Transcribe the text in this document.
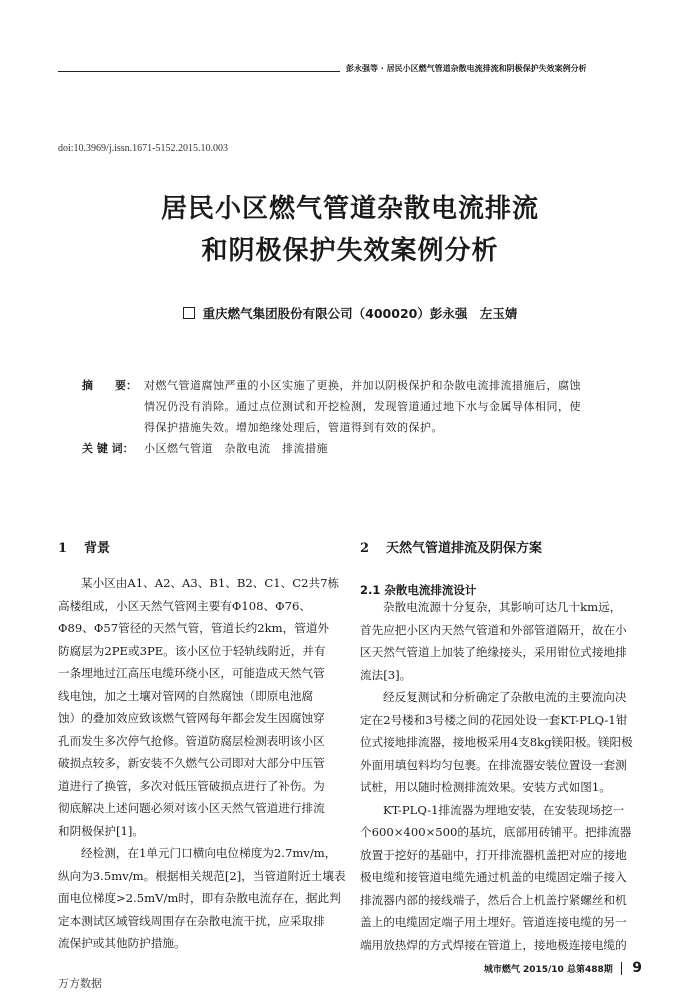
彭永强等 · 居民小区燃气管道杂散电流排流和阴极保护失效案例分析
doi:10.3969/j.issn.1671-5152.2015.10.003
居民小区燃气管道杂散电流排流
和阴极保护失效案例分析
重庆燃气集团股份有限公司（400020）彭永强　左玉婧
摘　　要： 对燃气管道腐蚀严重的小区实施了更换，并加以阴极保护和杂散电流排流措施后，腐蚀
情况仍没有消除。通过点位测试和开挖检测，发现管道通过地下水与金属导体相同，使
得保护措施失效。增加绝缘处理后，管道得到有效的保护。
关 键 词： 小区燃气管道　杂散电流　排流措施
1 背景	2 天然气管道排流及阴保方案
2.1 杂散电流排流设计
某小区由A1、A2、A3、B1、B2、C1、C2共7栋
高楼组成，小区天然气管网主要有Φ108、Φ76、
Φ89、Φ57管径的天然气管，管道长约2km，管道外
防腐层为2PE或3PE。该小区位于轻轨线附近，并有
一条埋地过江高压电缆环绕小区，可能造成天然气管
线电蚀，加之土壤对管网的自然腐蚀（即原电池腐
蚀）的叠加效应致该燃气管网每年都会发生因腐蚀穿
孔而发生多次停气抢修。管道防腐层检测表明该小区
破损点较多，新安装不久燃气公司即对大部分中压管
道进行了换管，多次对低压管破损点进行了补伤。为
彻底解决上述问题必须对该小区天然气管道进行排流
和阴极保护[1]。
经检测，在1单元门口横向电位梯度为2.7mv/m，
纵向为3.5mv/m。根据相关规范[2]，当管道附近土壤表
面电位梯度>2.5mV/m时，即有杂散电流存在，据此判
定本测试区域管线周围存在杂散电流干扰，应采取排
流保护或其他防护措施。
杂散电流源十分复杂，其影响可达几十km远，
首先应把小区内天然气管道和外部管道隔开，故在小
区天然气管道上加装了绝缘接头，采用钳位式接地排
流法[3]。
经反复测试和分析确定了杂散电流的主要流向决
定在2号楼和3号楼之间的花园处设一套KT-PLQ-1钳
位式接地排流器，接地极采用4支8kg镁阳极。镁阳极
外面用填包料均匀包裹。在排流器安装位置设一套测
试桩，用以随时检测排流效果。安装方式如图1。
KT-PLQ-1排流器为埋地安装，在安装现场挖一
个600×400×500的基坑，底部用砖铺平。把排流器
放置于挖好的基础中，打开排流器机盖把对应的接地
极电缆和接管道电缆先通过机盖的电缆固定端子接入
排流器内部的接线端子，然后合上机盖拧紧螺丝和机
盖上的电缆固定端子用土埋好。管道连接电缆的另一
端用放热焊的方式焊接在管道上，接地极连接电缆的
城市燃气 2015/10 总第488期 9
万方数据
